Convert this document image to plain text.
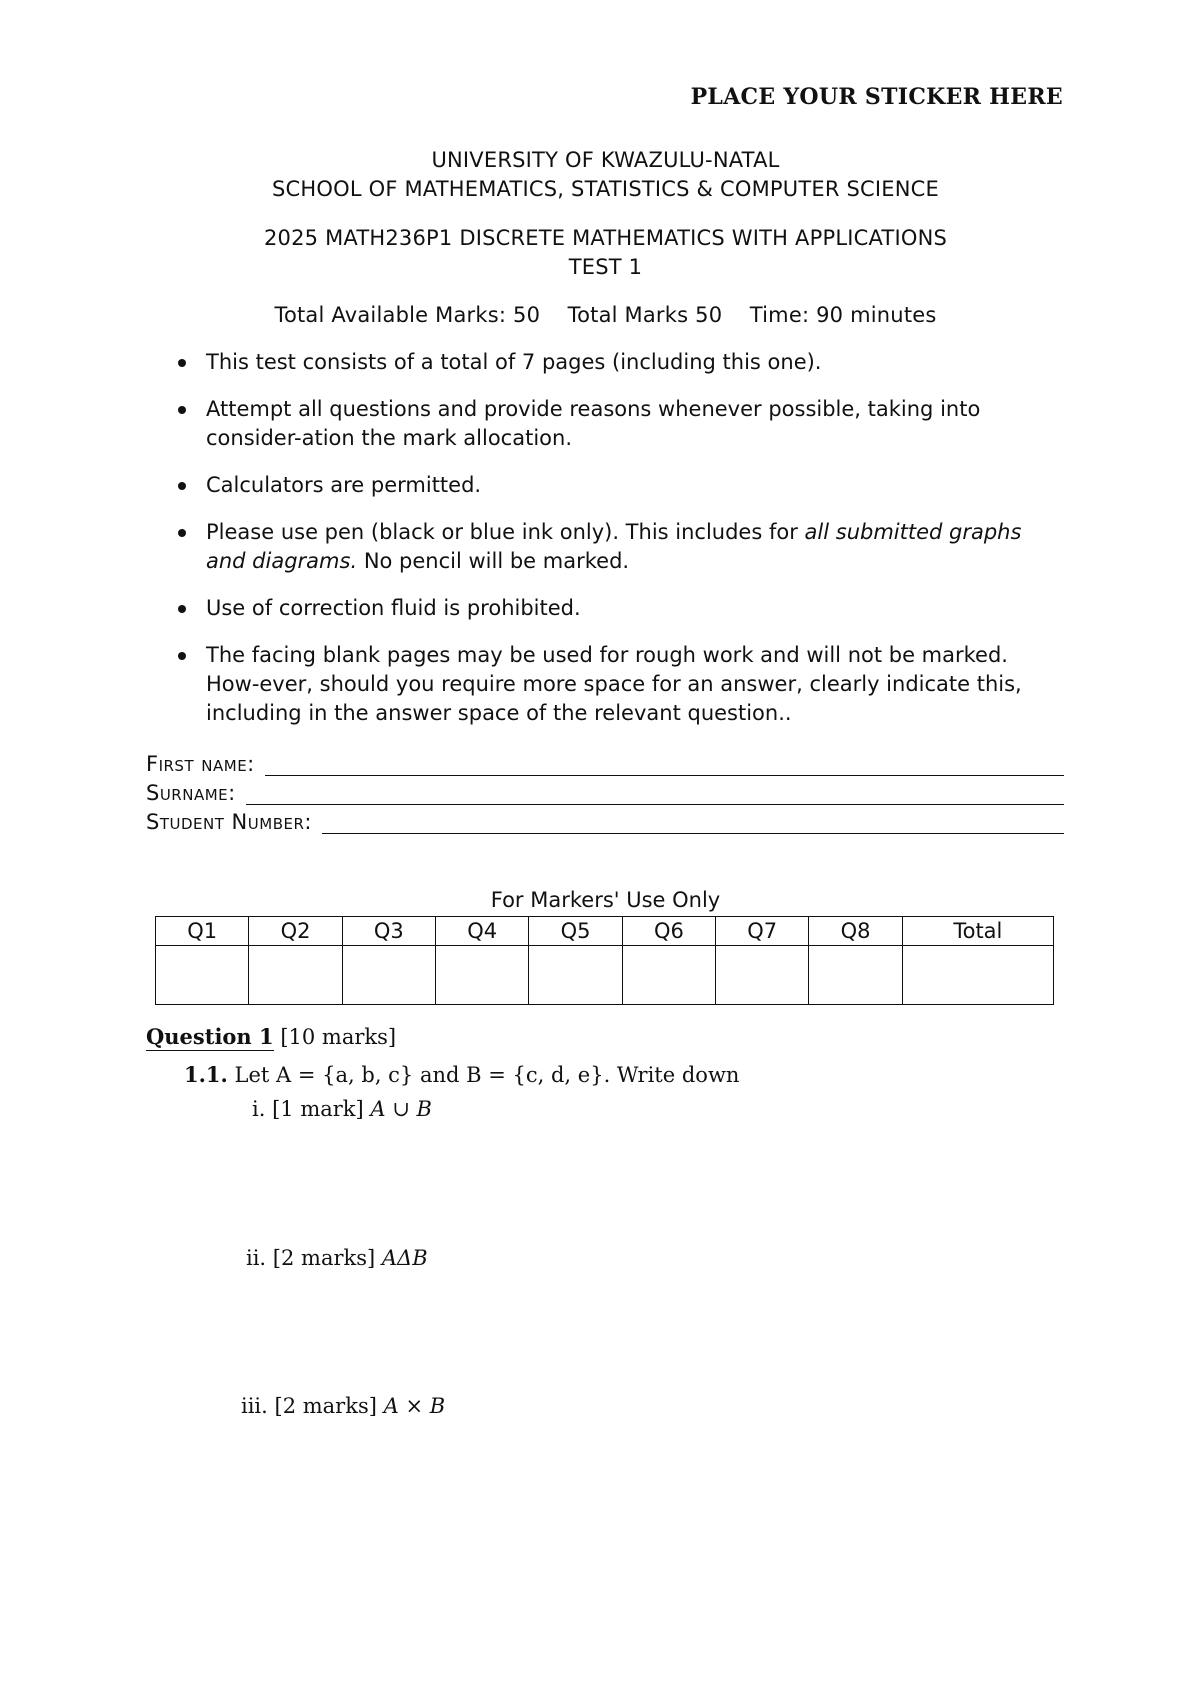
PLACE YOUR STICKER HERE
UNIVERSITY OF KWAZULU-NATAL
SCHOOL OF MATHEMATICS, STATISTICS & COMPUTER SCIENCE
2025 MATH236P1 DISCRETE MATHEMATICS WITH APPLICATIONS
TEST 1
Total Available Marks: 50    Total Marks 50    Time: 90 minutes
This test consists of a total of 7 pages (including this one).
Attempt all questions and provide reasons whenever possible, taking into consider-ation the mark allocation.
Calculators are permitted.
Please use pen (black or blue ink only). This includes for all submitted graphs and diagrams. No pencil will be marked.
Use of correction fluid is prohibited.
The facing blank pages may be used for rough work and will not be marked. How-ever, should you require more space for an answer, clearly indicate this, including in the answer space of the relevant question..
First name:
Surname:
Student Number:
For Markers' Use Only
Q1	Q2	Q3	Q4	Q5	Q6	Q7	Q8	Total

Question 1 [10 marks]
1.1. Let A = {a, b, c} and B = {c, d, e}. Write down
i. [1 mark] A ∪ B
ii. [2 marks] AΔB
iii. [2 marks] A × B
